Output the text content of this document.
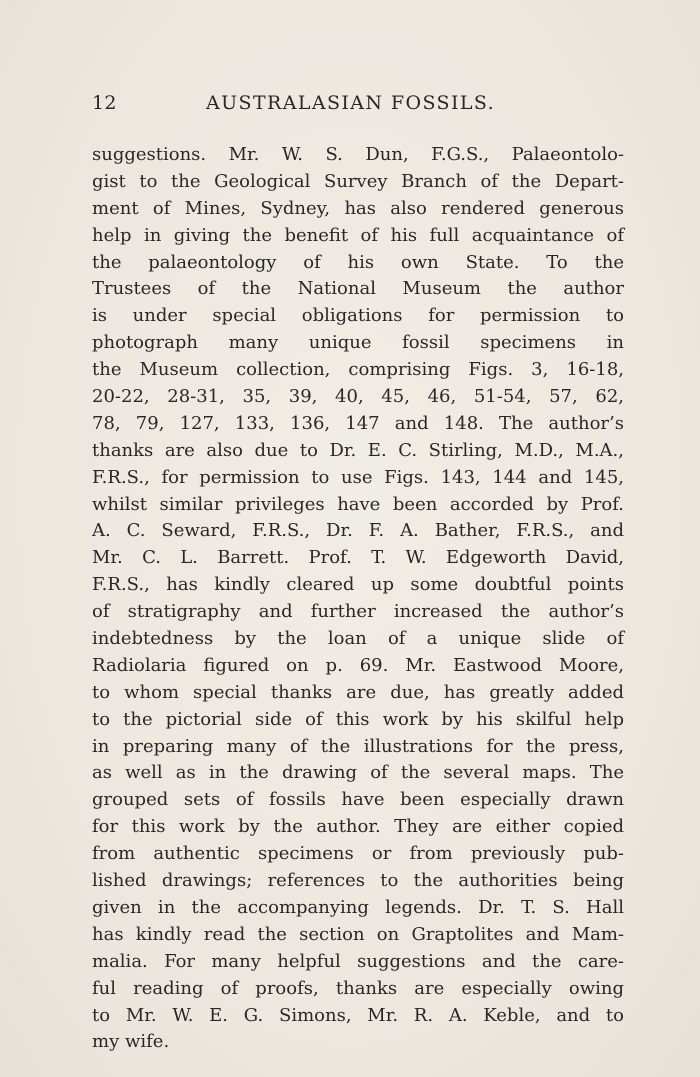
12	AUSTRALASIAN FOSSILS.
suggestions. Mr. W. S. Dun, F.G.S., Palaeontolo-
gist to the Geological Survey Branch of the Depart-
ment of Mines, Sydney, has also rendered generous
help in giving the benefit of his full acquaintance of
the palaeontology of his own State. To the
Trustees of the National Museum the author
is under special obligations for permission to
photograph many unique fossil specimens in
the Museum collection, comprising Figs. 3, 16-18,
20-22, 28-31, 35, 39, 40, 45, 46, 51-54, 57, 62,
78, 79, 127, 133, 136, 147 and 148. The author’s
thanks are also due to Dr. E. C. Stirling, M.D., M.A.,
F.R.S., for permission to use Figs. 143, 144 and 145,
whilst similar privileges have been accorded by Prof.
A. C. Seward, F.R.S., Dr. F. A. Bather, F.R.S., and
Mr. C. L. Barrett. Prof. T. W. Edgeworth David,
F.R.S., has kindly cleared up some doubtful points
of stratigraphy and further increased the author’s
indebtedness by the loan of a unique slide of
Radiolaria figured on p. 69. Mr. Eastwood Moore,
to whom special thanks are due, has greatly added
to the pictorial side of this work by his skilful help
in preparing many of the illustrations for the press,
as well as in the drawing of the several maps. The
grouped sets of fossils have been especially drawn
for this work by the author. They are either copied
from authentic specimens or from previously pub-
lished drawings; references to the authorities being
given in the accompanying legends. Dr. T. S. Hall
has kindly read the section on Graptolites and Mam-
malia. For many helpful suggestions and the care-
ful reading of proofs, thanks are especially owing
to Mr. W. E. G. Simons, Mr. R. A. Keble, and to
my wife.
